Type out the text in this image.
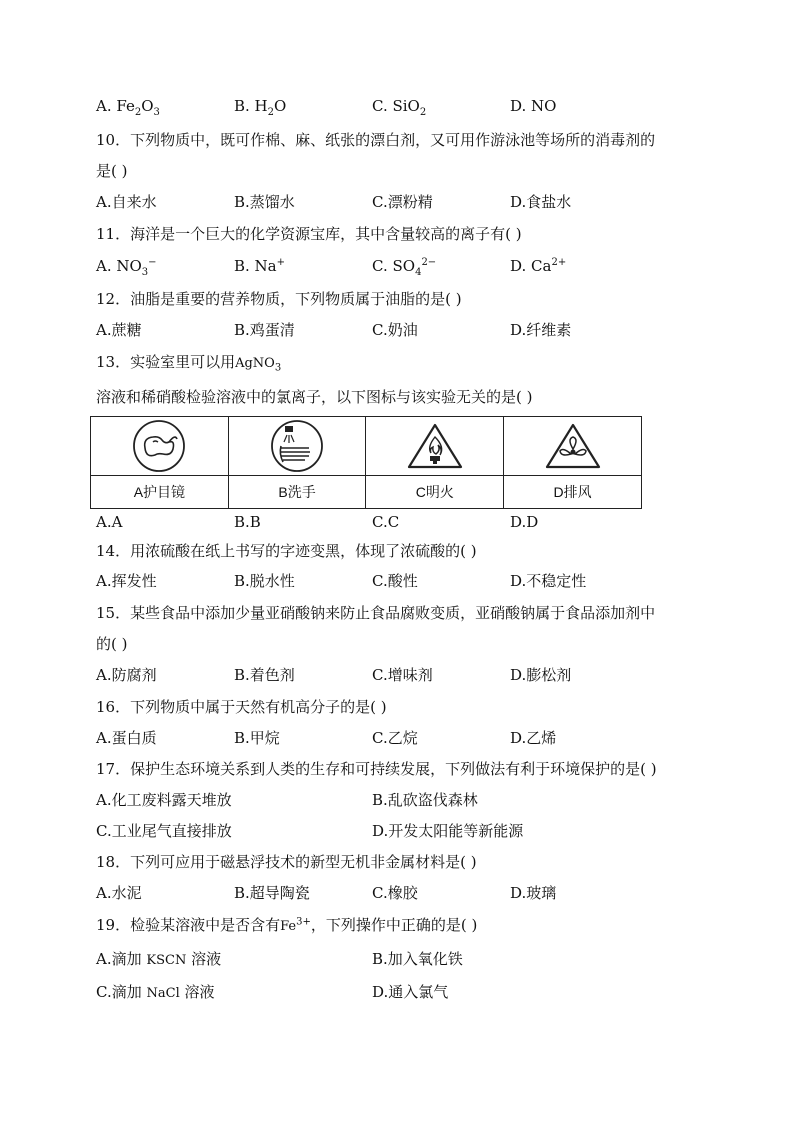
A. $Fe_2O_3$	B. $H_2O$	C. SiO$_2$	D. NO
10．下列物质中，既可作棉、麻、纸张的漂白剂，又可用作游泳池等场所的消毒剂的
是( )
A.自来水	B.蒸馏水	C.漂粉精	D.食盐水
11．海洋是一个巨大的化学资源宝库，其中含量较高的离子有( )
A. $NO_3^-$	B. Na+	C. $SO_4^{2-}$	D. $Ca^{2+}$
12．油脂是重要的营养物质，下列物质属于油脂的是( )
A.蔗糖	B.鸡蛋清	C.奶油	D.纤维素
13．实验室里可以用AgNO$_3$
溶液和稀硝酸检验溶液中的氯离子，以下图标与该实验无关的是( )

A护目镜	B洗手	C明火	D排风
A.A	B.B	C.C	D.D
14．用浓硫酸在纸上书写的字迹变黑，体现了浓硫酸的( )
A.挥发性	B.脱水性	C.酸性	D.不稳定性
15．某些食品中添加少量亚硝酸钠来防止食品腐败变质，亚硝酸钠属于食品添加剂中
的( )
A.防腐剂	B.着色剂	C.增味剂	D.膨松剂
16．下列物质中属于天然有机高分子的是( )
A.蛋白质	B.甲烷	C.乙烷	D.乙烯
17．保护生态环境关系到人类的生存和可持续发展，下列做法有利于环境保护的是( )
A.化工废料露天堆放	B.乱砍盗伐森林
C.工业尾气直接排放	D.开发太阳能等新能源
18．下列可应用于磁悬浮技术的新型无机非金属材料是( )
A.水泥	B.超导陶瓷	C.橡胶	D.玻璃
19．检验某溶液中是否含有$Fe^{3+}$，下列操作中正确的是( )
A.滴加 KSCN 溶液	B.加入氧化铁
C.滴加 NaCl 溶液	D.通入氯气
